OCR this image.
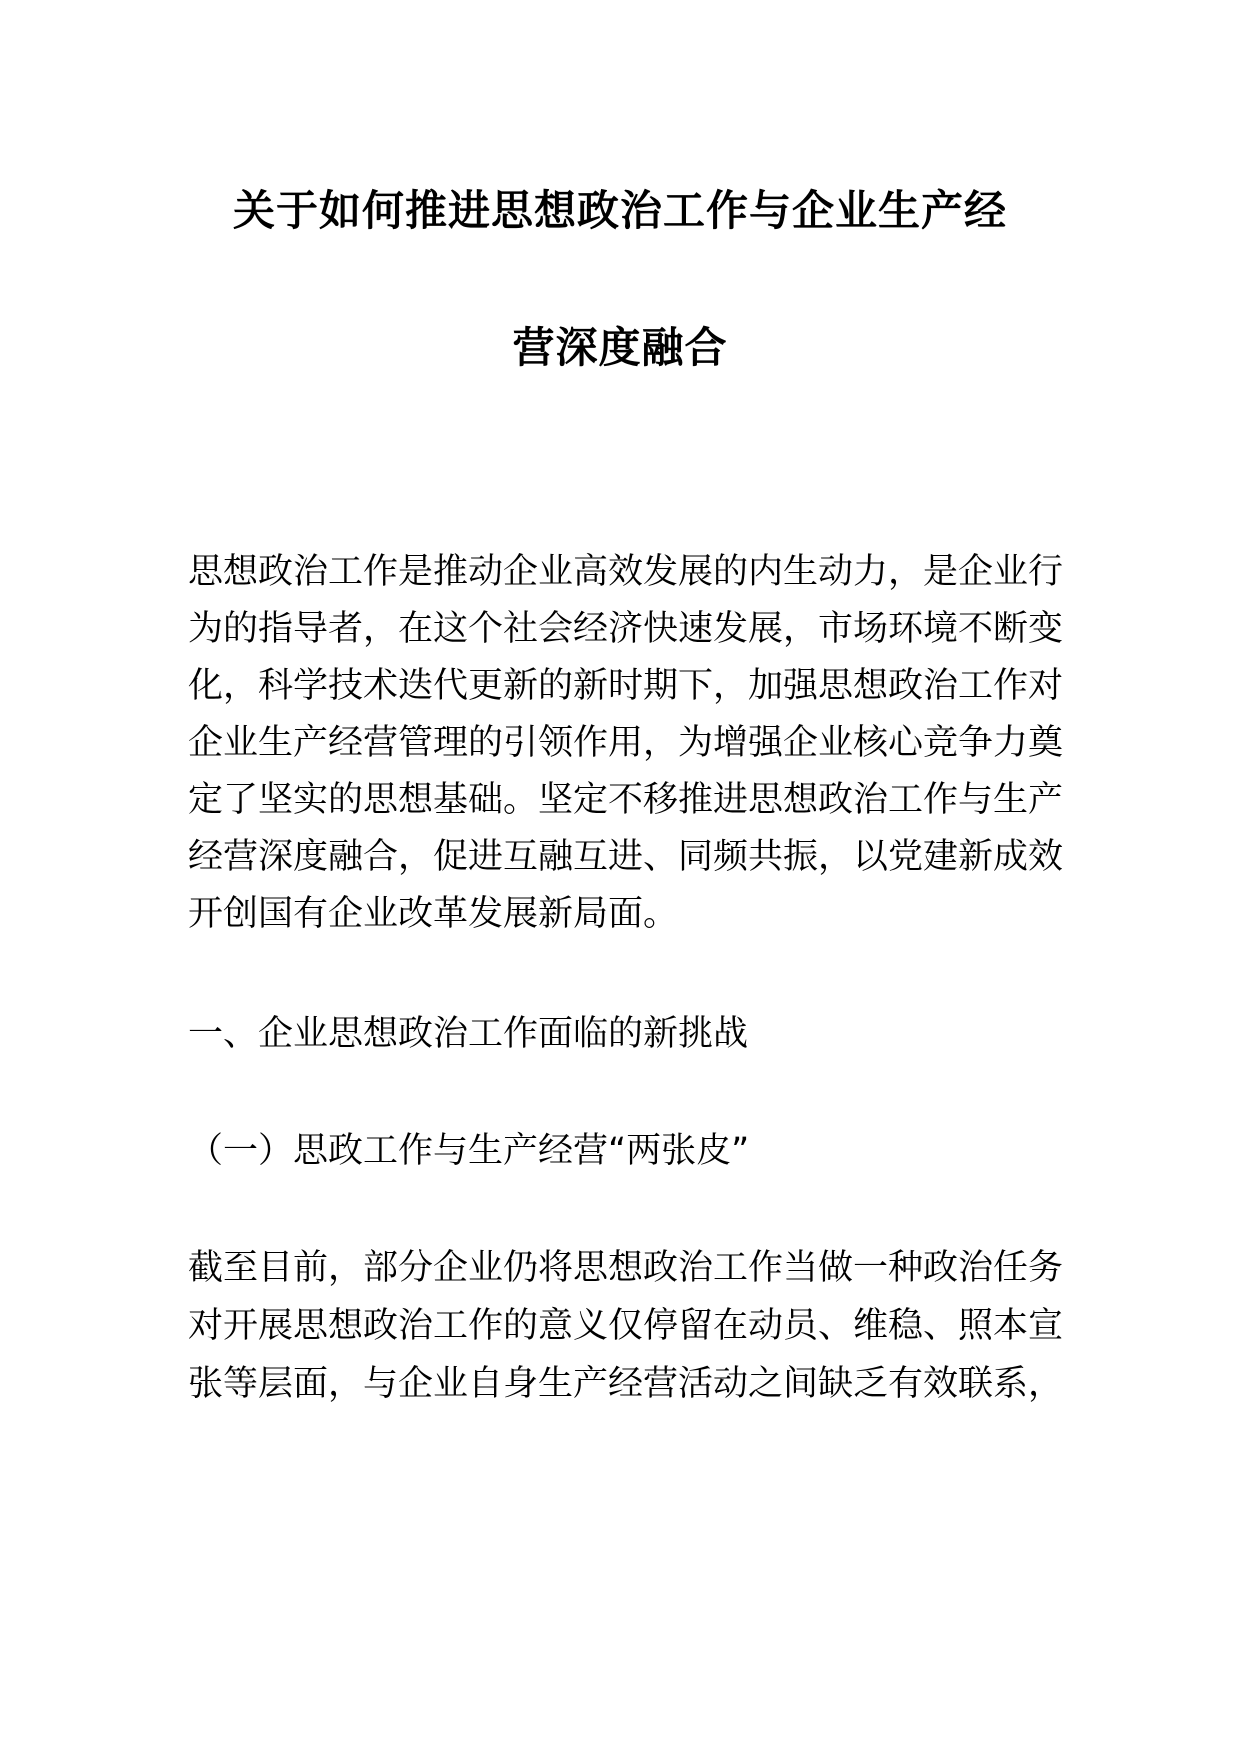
关于如何推进思想政治工作与企业生产经
营深度融合
思想政治工作是推动企业高效发展的内生动力，是企业行
为的指导者，在这个社会经济快速发展，市场环境不断变
化，科学技术迭代更新的新时期下，加强思想政治工作对
企业生产经营管理的引领作用，为增强企业核心竞争力奠
定了坚实的思想基础。坚定不移推进思想政治工作与生产
经营深度融合，促进互融互进、同频共振，以党建新成效
开创国有企业改革发展新局面。
一、企业思想政治工作面临的新挑战
（一）思政工作与生产经营“两张皮”
截至目前，部分企业仍将思想政治工作当做一种政治任务
对开展思想政治工作的意义仅停留在动员、维稳、照本宣
张等层面，与企业自身生产经营活动之间缺乏有效联系，
